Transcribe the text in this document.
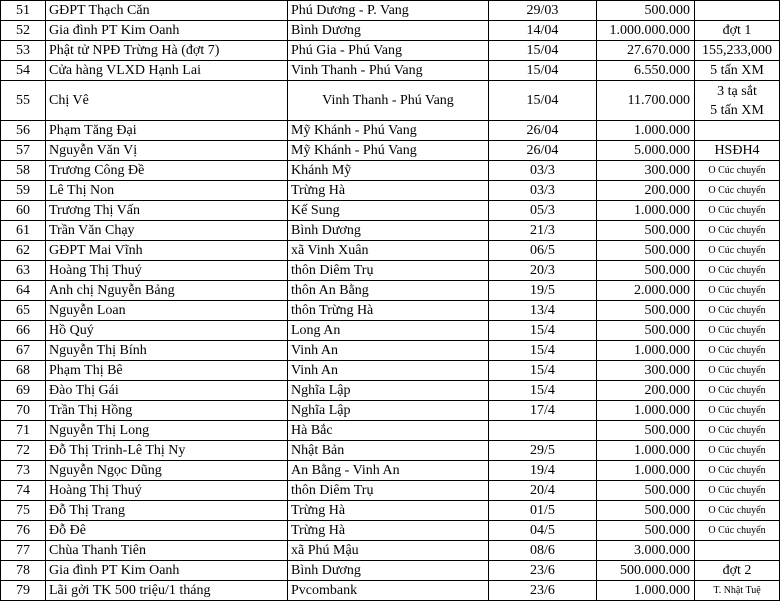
51	GĐPT Thạch Căn	Phú Dương - P. Vang	29/03	500.000	
52	Gia đình PT Kim Oanh	Bình Dương	14/04	1.000.000.000	đợt 1
53	Phật tử NPĐ Trừng Hà (đợt 7)	Phú Gia - Phú Vang	15/04	27.670.000	155,233,000
54	Cửa hàng VLXD Hạnh Lai	Vinh Thanh - Phú Vang	15/04	6.550.000	5 tấn XM
55	Chị Vê	Vinh Thanh - Phú Vang	15/04	11.700.000	3 tạ sắt
5 tấn XM

56	Phạm Tăng Đại	Mỹ Khánh - Phú Vang	26/04	1.000.000	
57	Nguyễn Văn Vị	Mỹ Khánh - Phú Vang	26/04	5.000.000	HSĐH4
58	Trương Công Đề	Khánh Mỹ	03/3	300.000	O Cúc chuyển
59	Lê Thị Non	Trừng Hà	03/3	200.000	O Cúc chuyển
60	Trương Thị Vấn	Kế Sung	05/3	1.000.000	O Cúc chuyển
61	Trần Văn Chạy	Bình Dương	21/3	500.000	O Cúc chuyển
62	GĐPT Mai Vĩnh	xã Vinh Xuân	06/5	500.000	O Cúc chuyển
63	Hoàng Thị Thuý	thôn Diêm Trụ	20/3	500.000	O Cúc chuyển
64	Anh chị Nguyễn Bảng	thôn An Bằng	19/5	2.000.000	O Cúc chuyển
65	Nguyễn Loan	thôn Trừng Hà	13/4	500.000	O Cúc chuyển
66	Hồ Quý	Long An	15/4	500.000	O Cúc chuyển
67	Nguyễn Thị Bính	Vinh An	15/4	1.000.000	O Cúc chuyển
68	Phạm Thị Bê	Vinh An	15/4	300.000	O Cúc chuyển
69	Đào Thị Gái	Nghĩa Lập	15/4	200.000	O Cúc chuyển
70	Trần Thị Hồng	Nghĩa Lập	17/4	1.000.000	O Cúc chuyển
71	Nguyễn Thị Long	Hà Bắc		500.000	O Cúc chuyển
72	Đỗ Thị Trinh-Lê Thị Ny	Nhật Bản	29/5	1.000.000	O Cúc chuyển
73	Nguyễn Ngọc Dũng	An Bằng - Vinh An	19/4	1.000.000	O Cúc chuyển
74	Hoàng Thị Thuý	thôn Diêm Trụ	20/4	500.000	O Cúc chuyển
75	Đỗ Thị Trang	Trừng Hà	01/5	500.000	O Cúc chuyển
76	Đỗ Đê	Trừng Hà	04/5	500.000	O Cúc chuyển
77	Chùa Thanh Tiên	xã Phú Mậu	08/6	3.000.000	
78	Gia đình PT Kim Oanh	Bình Dương	23/6	500.000.000	đợt 2
79	Lãi gởi TK 500 triệu/1 tháng	Pvcombank	23/6	1.000.000	T. Nhật Tuệ
